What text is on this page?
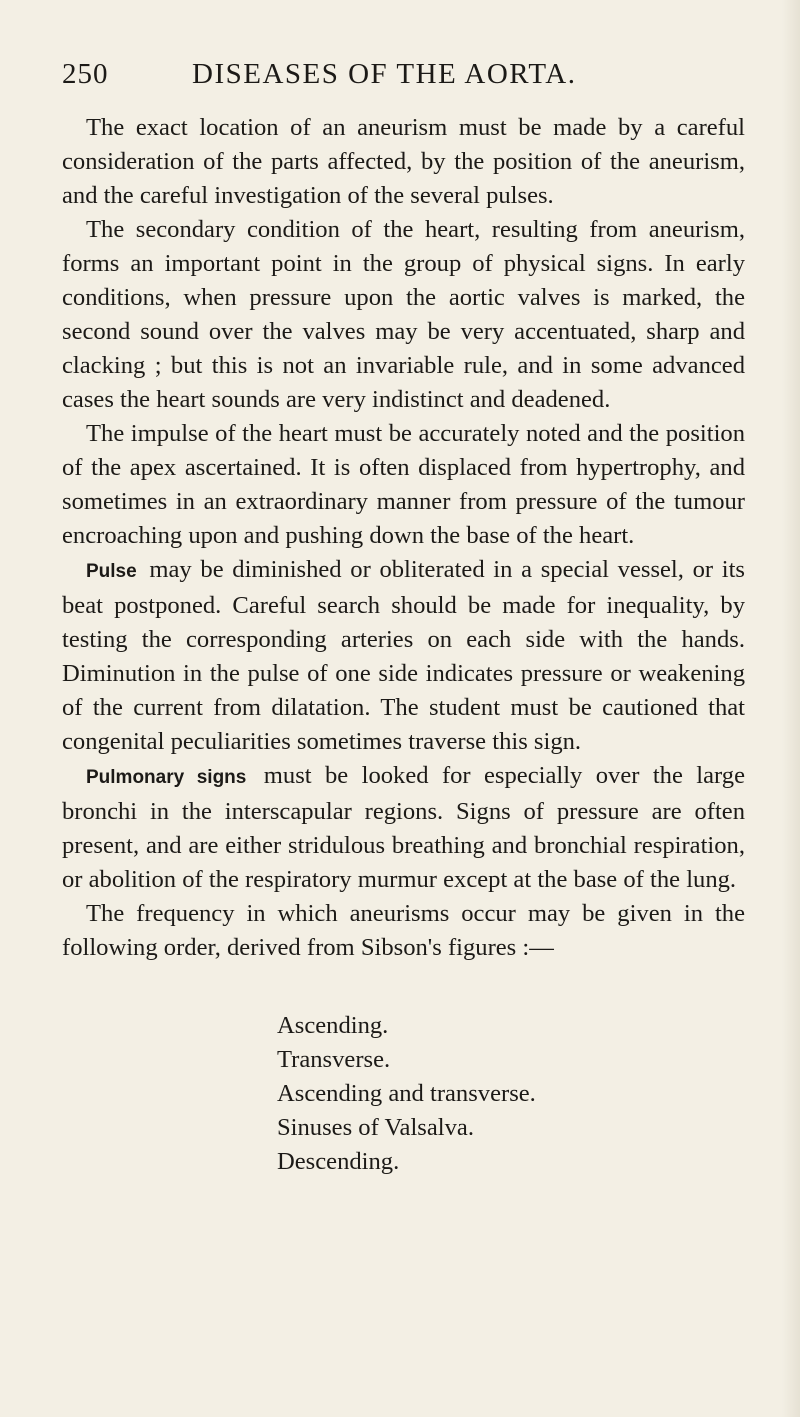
250	DISEASES OF THE AORTA.

The exact location of an aneurism must be made by a careful consideration of the parts affected, by the position of the aneurism, and the careful investigation of the several pulses.

The secondary condition of the heart, resulting from aneurism, forms an important point in the group of physical signs. In early conditions, when pressure upon the aortic valves is marked, the second sound over the valves may be very accentuated, sharp and clacking ; but this is not an invariable rule, and in some advanced cases the heart sounds are very indistinct and deadened.

The impulse of the heart must be accurately noted and the position of the apex ascertained. It is often displaced from hypertrophy, and sometimes in an extraordinary manner from pressure of the tumour encroaching upon and pushing down the base of the heart.

Pulse may be diminished or obliterated in a special vessel, or its beat postponed. Careful search should be made for inequality, by testing the corresponding arteries on each side with the hands. Diminution in the pulse of one side indicates pressure or weakening of the current from dilatation. The student must be cautioned that congenital peculiarities sometimes traverse this sign.

Pulmonary signs must be looked for especially over the large bronchi in the interscapular regions. Signs of pressure are often present, and are either stridulous breathing and bronchial respiration, or abolition of the respiratory murmur except at the base of the lung.

The frequency in which aneurisms occur may be given in the following order, derived from Sibson's figures :—

Ascending.
Transverse.
Ascending and transverse.
Sinuses of Valsalva.
Descending.
